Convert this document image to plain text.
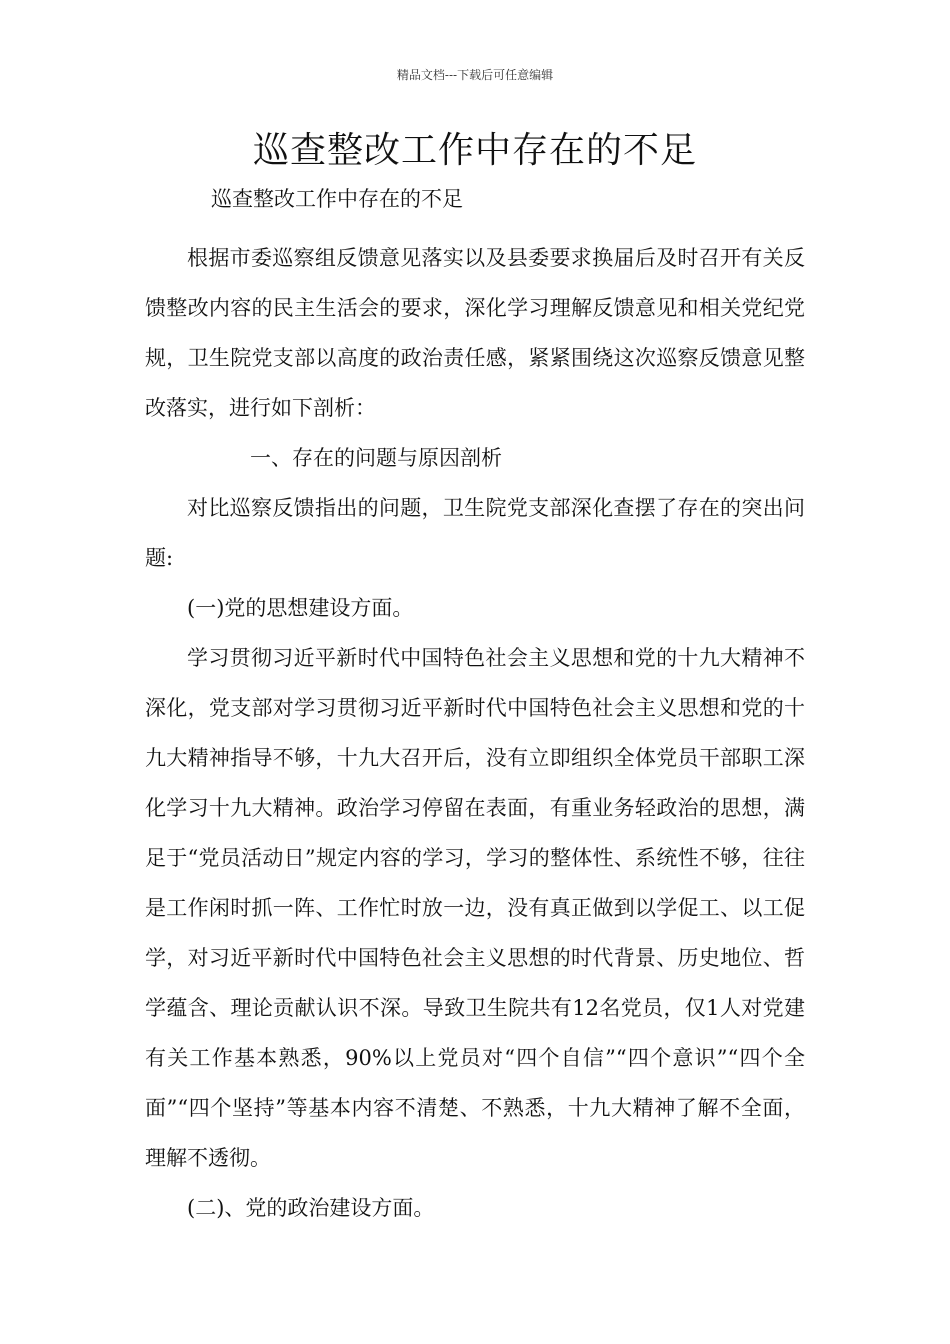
精品文档---下载后可任意编辑
巡查整改工作中存在的不足
巡查整改工作中存在的不足

根据市委巡察组反馈意见落实以及县委要求换届后及时召开有关反馈整改内容的民主生活会的要求，深化学习理解反馈意见和相关党纪党规，卫生院党支部以高度的政治责任感，紧紧围绕这次巡察反馈意见整改落实，进行如下剖析：

一、存在的问题与原因剖析

对比巡察反馈指出的问题，卫生院党支部深化查摆了存在的突出问题:

(一)党的思想建设方面。

学习贯彻习近平新时代中国特色社会主义思想和党的十九大精神不深化，党支部对学习贯彻习近平新时代中国特色社会主义思想和党的十九大精神指导不够，十九大召开后，没有立即组织全体党员干部职工深化学习十九大精神。政治学习停留在表面，有重业务轻政治的思想，满足于“党员活动日”规定内容的学习，学习的整体性、系统性不够，往往是工作闲时抓一阵、工作忙时放一边，没有真正做到以学促工、以工促学，对习近平新时代中国特色社会主义思想的时代背景、历史地位、哲学蕴含、理论贡献认识不深。导致卫生院共有12名党员，仅1人对党建有关工作基本熟悉，90%以上党员对“四个自信”“四个意识”“四个全面”“四个坚持”等基本内容不清楚、不熟悉，十九大精神了解不全面，理解不透彻。

(二)、党的政治建设方面。
